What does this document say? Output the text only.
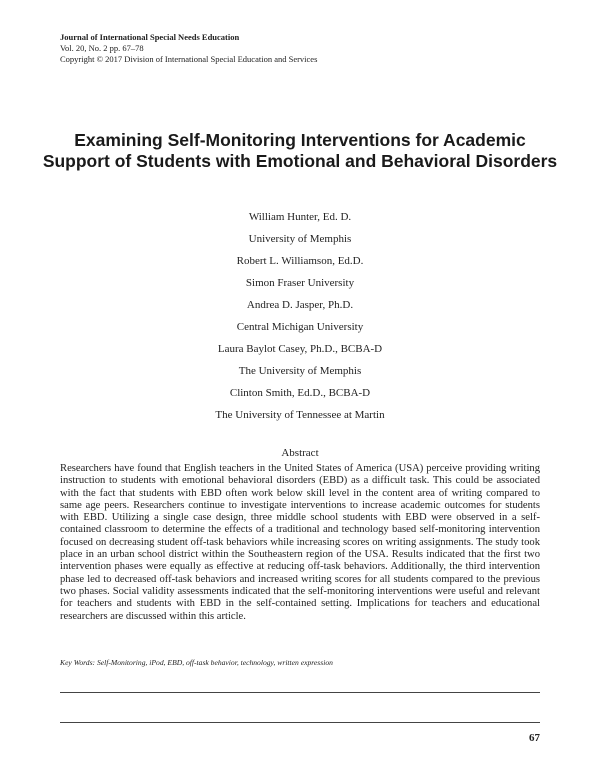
Journal of International Special Needs Education
Vol. 20, No. 2 pp. 67–78
Copyright © 2017 Division of International Special Education and Services
Examining Self-Monitoring Interventions for Academic Support of Students with Emotional and Behavioral Disorders
William Hunter, Ed. D.
University of Memphis
Robert L. Williamson, Ed.D.
Simon Fraser University
Andrea D. Jasper, Ph.D.
Central Michigan University
Laura Baylot Casey, Ph.D., BCBA-D
The University of Memphis
Clinton Smith, Ed.D., BCBA-D
The University of Tennessee at Martin
Abstract
Researchers have found that English teachers in the United States of America (USA) perceive providing writing instruction to students with emotional behavioral disorders (EBD) as a difficult task. This could be associated with the fact that students with EBD often work below skill level in the content area of writing compared to same age peers. Researchers continue to investigate interventions to increase academic outcomes for students with EBD. Utilizing a single case design, three middle school students with EBD were observed in a self-contained classroom to determine the effects of a traditional and technology based self-monitoring intervention focused on decreasing student off-task behaviors while increasing scores on writing assignments. The study took place in an urban school district within the Southeastern region of the USA. Results indicated that the first two intervention phases were equally as effective at reducing off-task behaviors. Additionally, the third intervention phase led to decreased off-task behaviors and increased writing scores for all students compared to the previous two phases. Social validity assessments indicated that the self-monitoring interventions were useful and relevant for teachers and students with EBD in the self-contained setting. Implications for teachers and educational researchers are discussed within this article.
Key Words: Self-Monitoring, iPod, EBD, off-task behavior, technology, written expression
67
